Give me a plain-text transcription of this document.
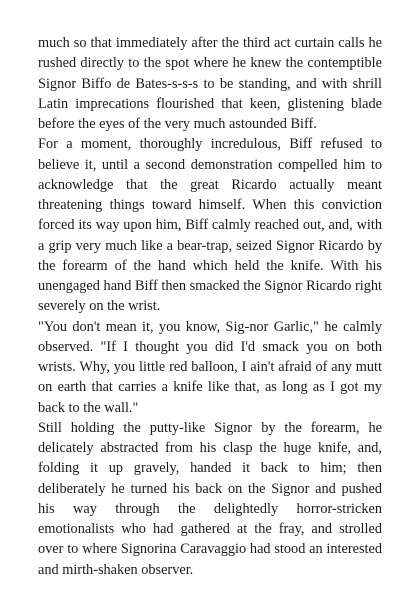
much so that immediately after the third act curtain calls he rushed directly to the spot where he knew the contemptible Signor Biffo de Bates-s-s-s to be standing, and with shrill Latin imprecations flourished that keen, glistening blade before the eyes of the very much astounded Biff.

For a moment, thoroughly incredulous, Biff refused to believe it, until a second demonstration compelled him to acknowledge that the great Ricardo actually meant threatening things toward himself. When this conviction forced its way upon him, Biff calmly reached out, and, with a grip very much like a bear-trap, seized Signor Ricardo by the forearm of the hand which held the knife. With his unengaged hand Biff then smacked the Signor Ricardo right severely on the wrist.

"You don't mean it, you know, Sig-nor Garlic," he calmly observed. "If I thought you did I'd smack you on both wrists. Why, you little red balloon, I ain't afraid of any mutt on earth that carries a knife like that, as long as I got my back to the wall."

Still holding the putty-like Signor by the forearm, he delicately abstracted from his clasp the huge knife, and, folding it up gravely, handed it back to him; then deliberately he turned his back on the Signor and pushed his way through the delightedly horror-stricken emotionalists who had gathered at the fray, and strolled over to where Signorina Caravaggio had stood an interested and mirth-shaken observer.
